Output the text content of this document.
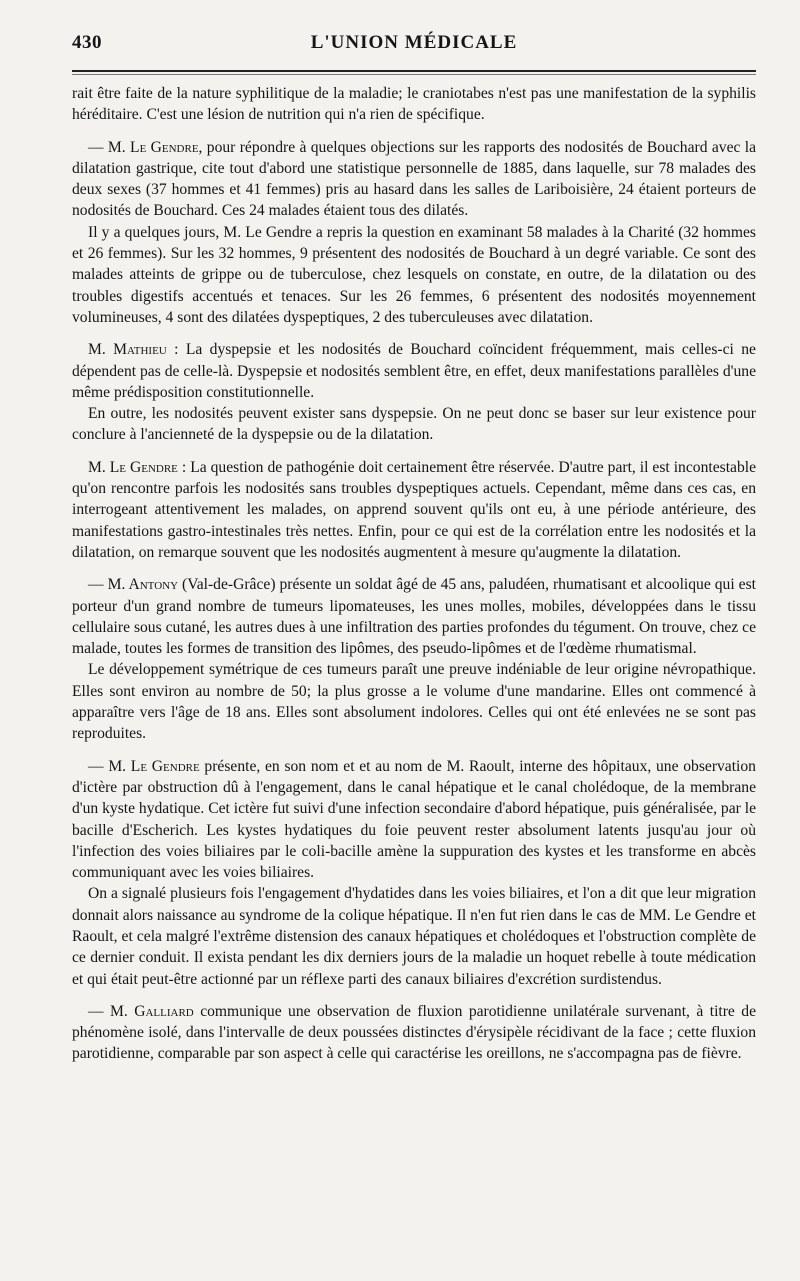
430	L'UNION MÉDICALE

rait être faite de la nature syphilitique de la maladie; le craniotabes n'est pas une manifestation de la syphilis héréditaire. C'est une lésion de nutrition qui n'a rien de spécifique.

— M. Le Gendre, pour répondre à quelques objections sur les rapports des nodosités de Bouchard avec la dilatation gastrique, cite tout d'abord une statistique personnelle de 1885, dans laquelle, sur 78 malades des deux sexes (37 hommes et 41 femmes) pris au hasard dans les salles de Lariboisière, 24 étaient porteurs de nodosités de Bouchard. Ces 24 malades étaient tous des dilatés.

Il y a quelques jours, M. Le Gendre a repris la question en examinant 58 malades à la Charité (32 hommes et 26 femmes). Sur les 32 hommes, 9 présentent des nodosités de Bouchard à un degré variable. Ce sont des malades atteints de grippe ou de tuberculose, chez lesquels on constate, en outre, de la dilatation ou des troubles digestifs accentués et tenaces. Sur les 26 femmes, 6 présentent des nodosités moyennement volumineuses, 4 sont des dilatées dyspeptiques, 2 des tuberculeuses avec dilatation.

M. Mathieu : La dyspepsie et les nodosités de Bouchard coïncident fréquemment, mais celles-ci ne dépendent pas de celle-là. Dyspepsie et nodosités semblent être, en effet, deux manifestations parallèles d'une même prédisposition constitutionnelle.

En outre, les nodosités peuvent exister sans dyspepsie. On ne peut donc se baser sur leur existence pour conclure à l'ancienneté de la dyspepsie ou de la dilatation.

M. Le Gendre : La question de pathogénie doit certainement être réservée. D'autre part, il est incontestable qu'on rencontre parfois les nodosités sans troubles dyspeptiques actuels. Cependant, même dans ces cas, en interrogeant attentivement les malades, on apprend souvent qu'ils ont eu, à une période antérieure, des manifestations gastro-intestinales très nettes. Enfin, pour ce qui est de la corrélation entre les nodosités et la dilatation, on remarque souvent que les nodosités augmentent à mesure qu'augmente la dilatation.

— M. Antony (Val-de-Grâce) présente un soldat âgé de 45 ans, paludéen, rhumatisant et alcoolique qui est porteur d'un grand nombre de tumeurs lipomateuses, les unes molles, mobiles, développées dans le tissu cellulaire sous cutané, les autres dues à une infiltration des parties profondes du tégument. On trouve, chez ce malade, toutes les formes de transition des lipômes, des pseudo-lipômes et de l'œdème rhumatismal.

Le développement symétrique de ces tumeurs paraît une preuve indéniable de leur origine névropathique. Elles sont environ au nombre de 50; la plus grosse a le volume d'une mandarine. Elles ont commencé à apparaître vers l'âge de 18 ans. Elles sont absolument indolores. Celles qui ont été enlevées ne se sont pas reproduites.

— M. Le Gendre présente, en son nom et et au nom de M. Raoult, interne des hôpitaux, une observation d'ictère par obstruction dû à l'engagement, dans le canal hépatique et le canal cholédoque, de la membrane d'un kyste hydatique. Cet ictère fut suivi d'une infection secondaire d'abord hépatique, puis généralisée, par le bacille d'Escherich. Les kystes hydatiques du foie peuvent rester absolument latents jusqu'au jour où l'infection des voies biliaires par le coli-bacille amène la suppuration des kystes et les transforme en abcès communiquant avec les voies biliaires.

On a signalé plusieurs fois l'engagement d'hydatides dans les voies biliaires, et l'on a dit que leur migration donnait alors naissance au syndrome de la colique hépatique. Il n'en fut rien dans le cas de MM. Le Gendre et Raoult, et cela malgré l'extrême distension des canaux hépatiques et cholédoques et l'obstruction complète de ce dernier conduit. Il exista pendant les dix derniers jours de la maladie un hoquet rebelle à toute médication et qui était peut-être actionné par un réflexe parti des canaux biliaires d'excrétion surdistendus.

— M. Galliard communique une observation de fluxion parotidienne unilatérale survenant, à titre de phénomène isolé, dans l'intervalle de deux poussées distinctes d'érysipèle récidivant de la face ; cette fluxion parotidienne, comparable par son aspect à celle qui caractérise les oreillons, ne s'accompagna pas de fièvre.
